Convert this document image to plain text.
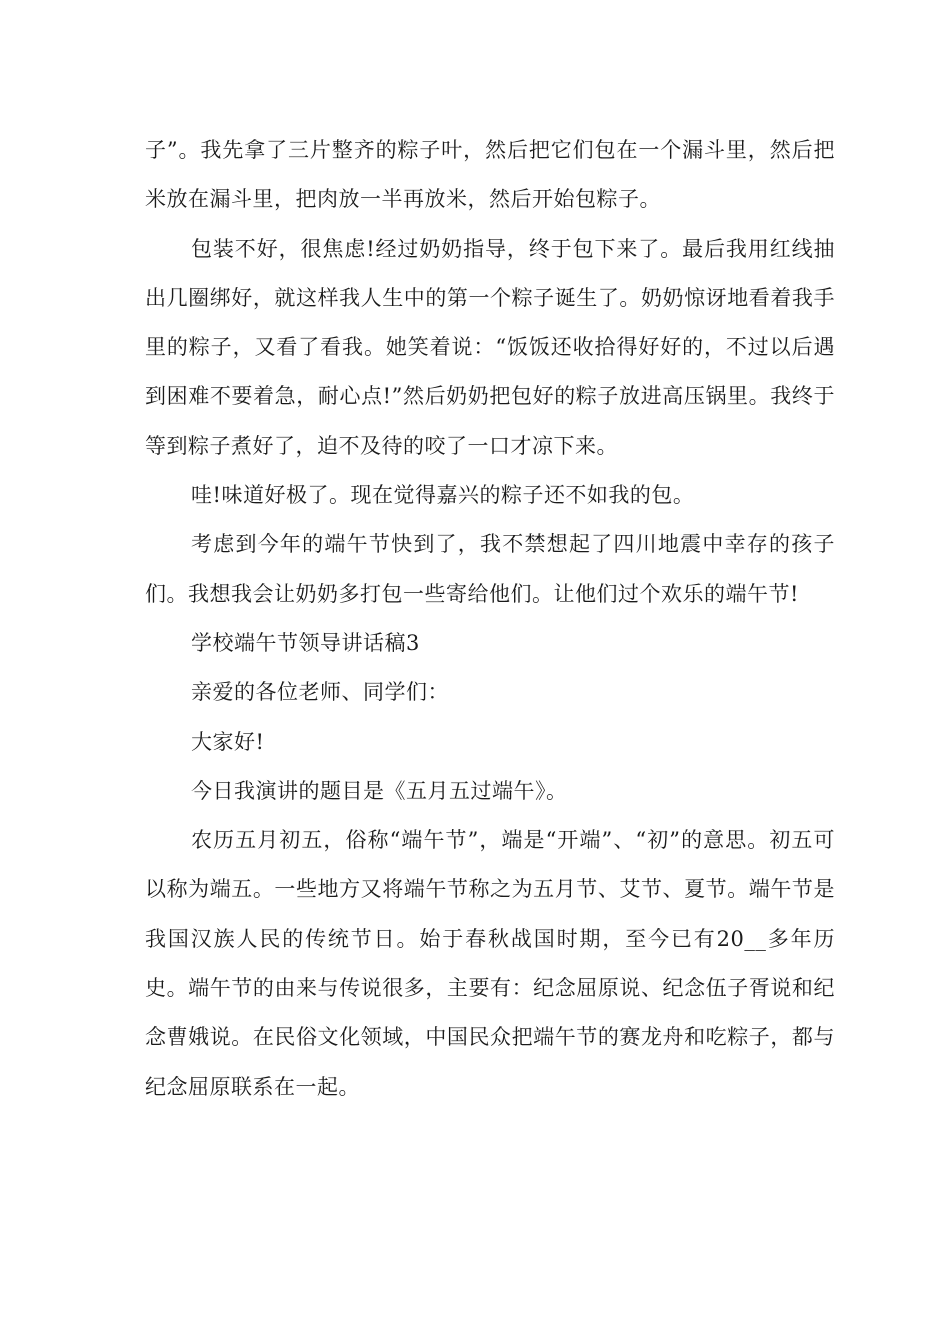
子”。我先拿了三片整齐的粽子叶，然后把它们包在一个漏斗里，然后把米放在漏斗里，把肉放一半再放米，然后开始包粽子。

包装不好，很焦虑!经过奶奶指导，终于包下来了。最后我用红线抽出几圈绑好，就这样我人生中的第一个粽子诞生了。奶奶惊讶地看着我手里的粽子，又看了看我。她笑着说：“饭饭还收拾得好好的，不过以后遇到困难不要着急，耐心点!”然后奶奶把包好的粽子放进高压锅里。我终于等到粽子煮好了，迫不及待的咬了一口才凉下来。

哇!味道好极了。现在觉得嘉兴的粽子还不如我的包。

考虑到今年的端午节快到了，我不禁想起了四川地震中幸存的孩子们。我想我会让奶奶多打包一些寄给他们。让他们过个欢乐的端午节!

学校端午节领导讲话稿3

亲爱的各位老师、同学们：

大家好!

今日我演讲的题目是《五月五过端午》。

农历五月初五，俗称“端午节”，端是“开端”、“初”的意思。初五可以称为端五。一些地方又将端午节称之为五月节、艾节、夏节。端午节是我国汉族人民的传统节日。始于春秋战国时期，至今已有20__多年历史。端午节的由来与传说很多，主要有：纪念屈原说、纪念伍子胥说和纪念曹娥说。在民俗文化领域，中国民众把端午节的赛龙舟和吃粽子，都与纪念屈原联系在一起。
